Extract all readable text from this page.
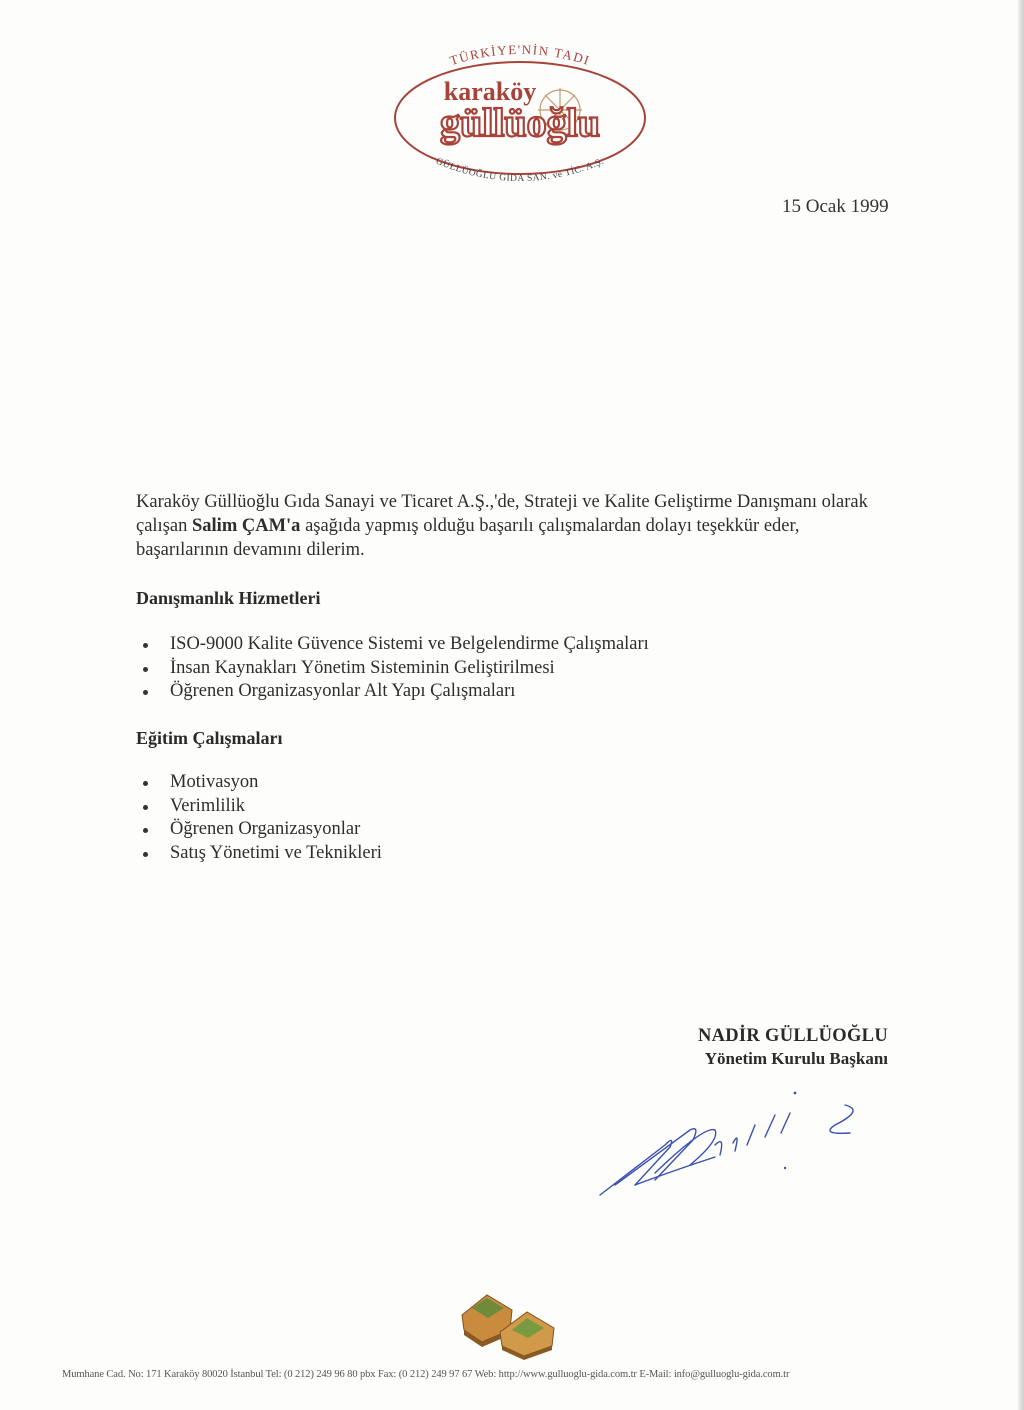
TÜRKİYE'NİN TADI
karaköy
güllüoğlu
GÜLLÜOĞLU GIDA SAN. ve TİC. A.Ş.
15 Ocak 1999
Karaköy Güllüoğlu Gıda Sanayi ve Ticaret A.Ş.,'de, Strateji ve Kalite Geliştirme Danışmanı olarak çalışan Salim ÇAM'a aşağıda yapmış olduğu başarılı çalışmalardan dolayı teşekkür eder, başarılarının devamını dilerim.
Danışmanlık Hizmetleri
ISO-9000 Kalite Güvence Sistemi ve Belgelendirme Çalışmaları
İnsan Kaynakları Yönetim Sisteminin Geliştirilmesi
Öğrenen Organizasyonlar Alt Yapı Çalışmaları
Eğitim Çalışmaları
Motivasyon
Verimlilik
Öğrenen Organizasyonlar
Satış Yönetimi ve Teknikleri
NADİR GÜLLÜOĞLU
Yönetim Kurulu Başkanı
Mumhane Cad. No: 171 Karaköy 80020 İstanbul Tel: (0 212) 249 96 80 pbx Fax: (0 212) 249 97 67 Web: http://www.gulluoglu-gida.com.tr E-Mail: info@gulluoglu-gida.com.tr
